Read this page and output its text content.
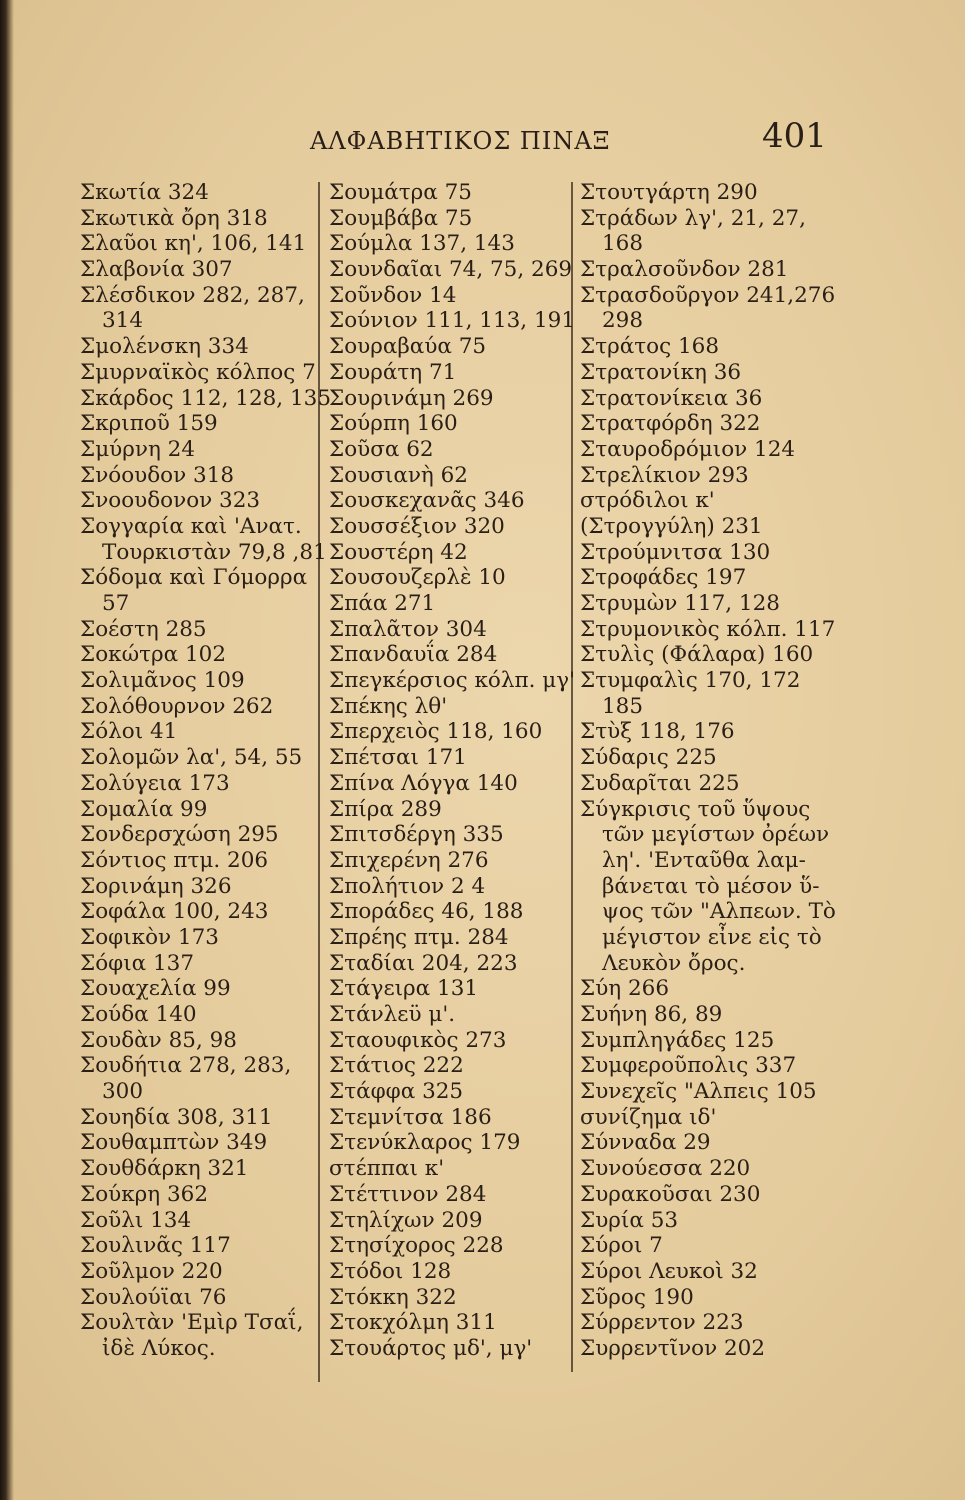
ΑΛΦΑΒΗΤΙΚΟΣ ΠΙΝΑΞ	401
Σκωτία 324
Σκωτικὰ ὄρη 318
Σλαῦοι κη', 106, 141
Σλαβονία 307
Σλέσδικον 282, 287,
314
Σμολένσκη 334
Σμυρναϊκὸς κόλπος 7
Σκάρδος 112, 128, 135
Σκριποῦ 159
Σμύρνη 24
Σνόουδον 318
Σνοουδονον 323
Σογγαρία καὶ 'Ανατ.
Τουρκιστὰν 79,8 ,81
Σόδομα καὶ Γόμορρα
57
Σοέστη 285
Σοκώτρα 102
Σολιμᾶνος 109
Σολόθουρνον 262
Σόλοι 41
Σολομῶν λα', 54, 55
Σολύγεια 173
Σομαλία 99
Σονδερσχώση 295
Σόντιος πτμ. 206
Σορινάμη 326
Σοφάλα 100, 243
Σοφικὸν 173
Σόφια 137
Σουαχελία 99
Σούδα 140
Σουδὰν 85, 98
Σουδήτια 278, 283,
300
Σουηδία 308, 311
Σουθαμπτὼν 349
Σουθδάρκη 321
Σούκρη 362
Σοῦλι 134
Σουλινᾶς 117
Σοῦλμον 220
Σουλούϊαι 76
Σουλτὰν 'Εμὶρ Τσαΐ,
ἰδὲ Λύκος.
Σουμάτρα 75
Σουμβάβα 75
Σούμλα 137, 143
Σουνδαῖαι 74, 75, 269
Σοῦνδον 14
Σούνιον 111, 113, 191
Σουραβαύα 75
Σουράτη 71
Σουρινάμη 269
Σούρπη 160
Σοῦσα 62
Σουσιανὴ 62
Σουσκεχανᾶς 346
Σουσσέξιον 320
Σουστέρη 42
Σουσουζερλὲ 10
Σπάα 271
Σπαλᾶτον 304
Σπανδαυΐα 284
Σπεγκέρσιος κόλπ. μγ'
Σπέκης λθ'
Σπερχειὸς 118, 160
Σπέτσαι 171
Σπίνα Λόγγα 140
Σπίρα 289
Σπιτσδέργη 335
Σπιχερένη 276
Σπολήτιον 2 4
Σποράδες 46, 188
Σπρέης πτμ. 284
Σταδίαι 204, 223
Στάγειρα 131
Στάνλεϋ μ'.
Σταουφικὸς 273
Στάτιος 222
Στάφφα 325
Στεμνίτσα 186
Στενύκλαρος 179
στέππαι κ'
Στέττινον 284
Στηλίχων 209
Στησίχορος 228
Στόδοι 128
Στόκκη 322
Στοκχόλμη 311
Στουάρτος μδ', μγ'
Στουτγάρτη 290
Στράδων λγ', 21, 27,
168
Στραλσοῦνδον 281
Στρασδοῦργον 241,276
298
Στράτος 168
Στρατονίκη 36
Στρατονίκεια 36
Στρατφόρδη 322
Σταυροδρόμιον 124
Στρελίκιον 293
στρόδιλοι κ'
(Στρογγύλη) 231
Στρούμνιτσα 130
Στροφάδες 197
Στρυμὼν 117, 128
Στρυμονικὸς κόλπ. 117
Στυλὶς (Φάλαρα) 160
Στυμφαλὶς 170, 172
185
Στὺξ 118, 176
Σύδαρις 225
Συδαρῖται 225
Σύγκρισις τοῦ ὕψους
τῶν μεγίστων ὀρέων
λη'. 'Ενταῦθα λαμ-
βάνεται τὸ μέσον ὕ-
ψος τῶν "Αλπεων. Τὸ
μέγιστον εἶνε εἰς τὸ
Λευκὸν ὄρος.
Σύη 266
Συήνη 86, 89
Συμπληγάδες 125
Συμφεροῦπολις 337
Συνεχεῖς "Αλπεις 105
συνίζημα ιδ'
Σύνναδα 29
Συνούεσσα 220
Συρακοῦσαι 230
Συρία 53
Σύροι 7
Σύροι Λευκοὶ 32
Σῦρος 190
Σύρρεντον 223
Συρρεντῖνον 202
